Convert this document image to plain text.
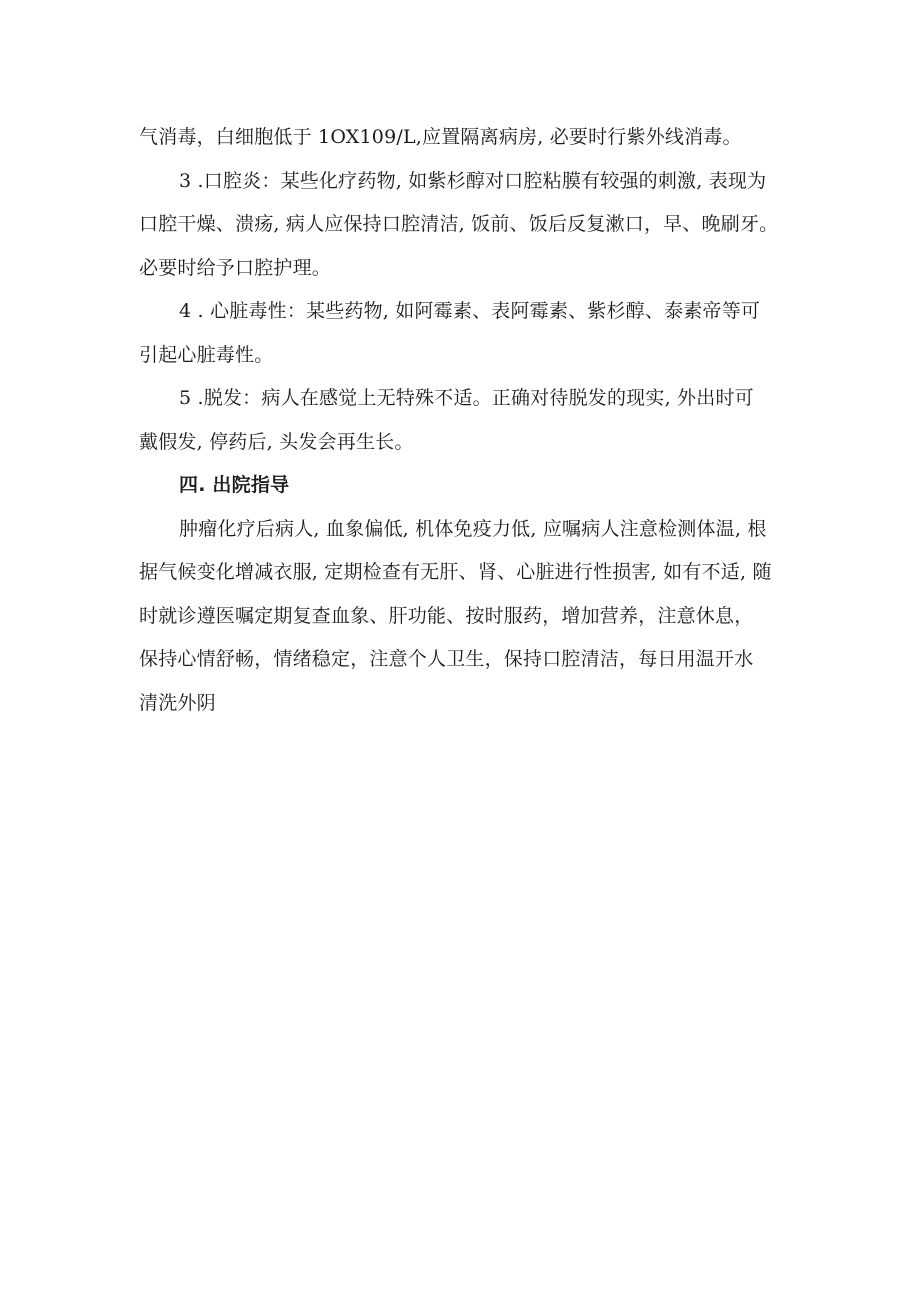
气消毒，白细胞低于 1OX109/L,应置隔离病房, 必要时行紫外线消毒。
3 .口腔炎：某些化疗药物, 如紫杉醇对口腔粘膜有较强的刺激, 表现为
口腔干燥、溃疡, 病人应保持口腔清洁, 饭前、饭后反复漱口，早、晚刷牙。
必要时给予口腔护理。
4 . 心脏毒性：某些药物, 如阿霉素、表阿霉素、紫杉醇、泰素帝等可
引起心脏毒性。
5 .脱发：病人在感觉上无特殊不适。正确对待脱发的现实, 外出时可
戴假发, 停药后, 头发会再生长。
四. 出院指导
肿瘤化疗后病人, 血象偏低, 机体免疫力低, 应嘱病人注意检测体温, 根
据气候变化增减衣服, 定期检查有无肝、肾、心脏进行性损害, 如有不适, 随
时就诊遵医嘱定期复查血象、肝功能、按时服药，增加营养，注意休息，
保持心情舒畅，情绪稳定，注意个人卫生，保持口腔清洁，每日用温开水
清洗外阴
